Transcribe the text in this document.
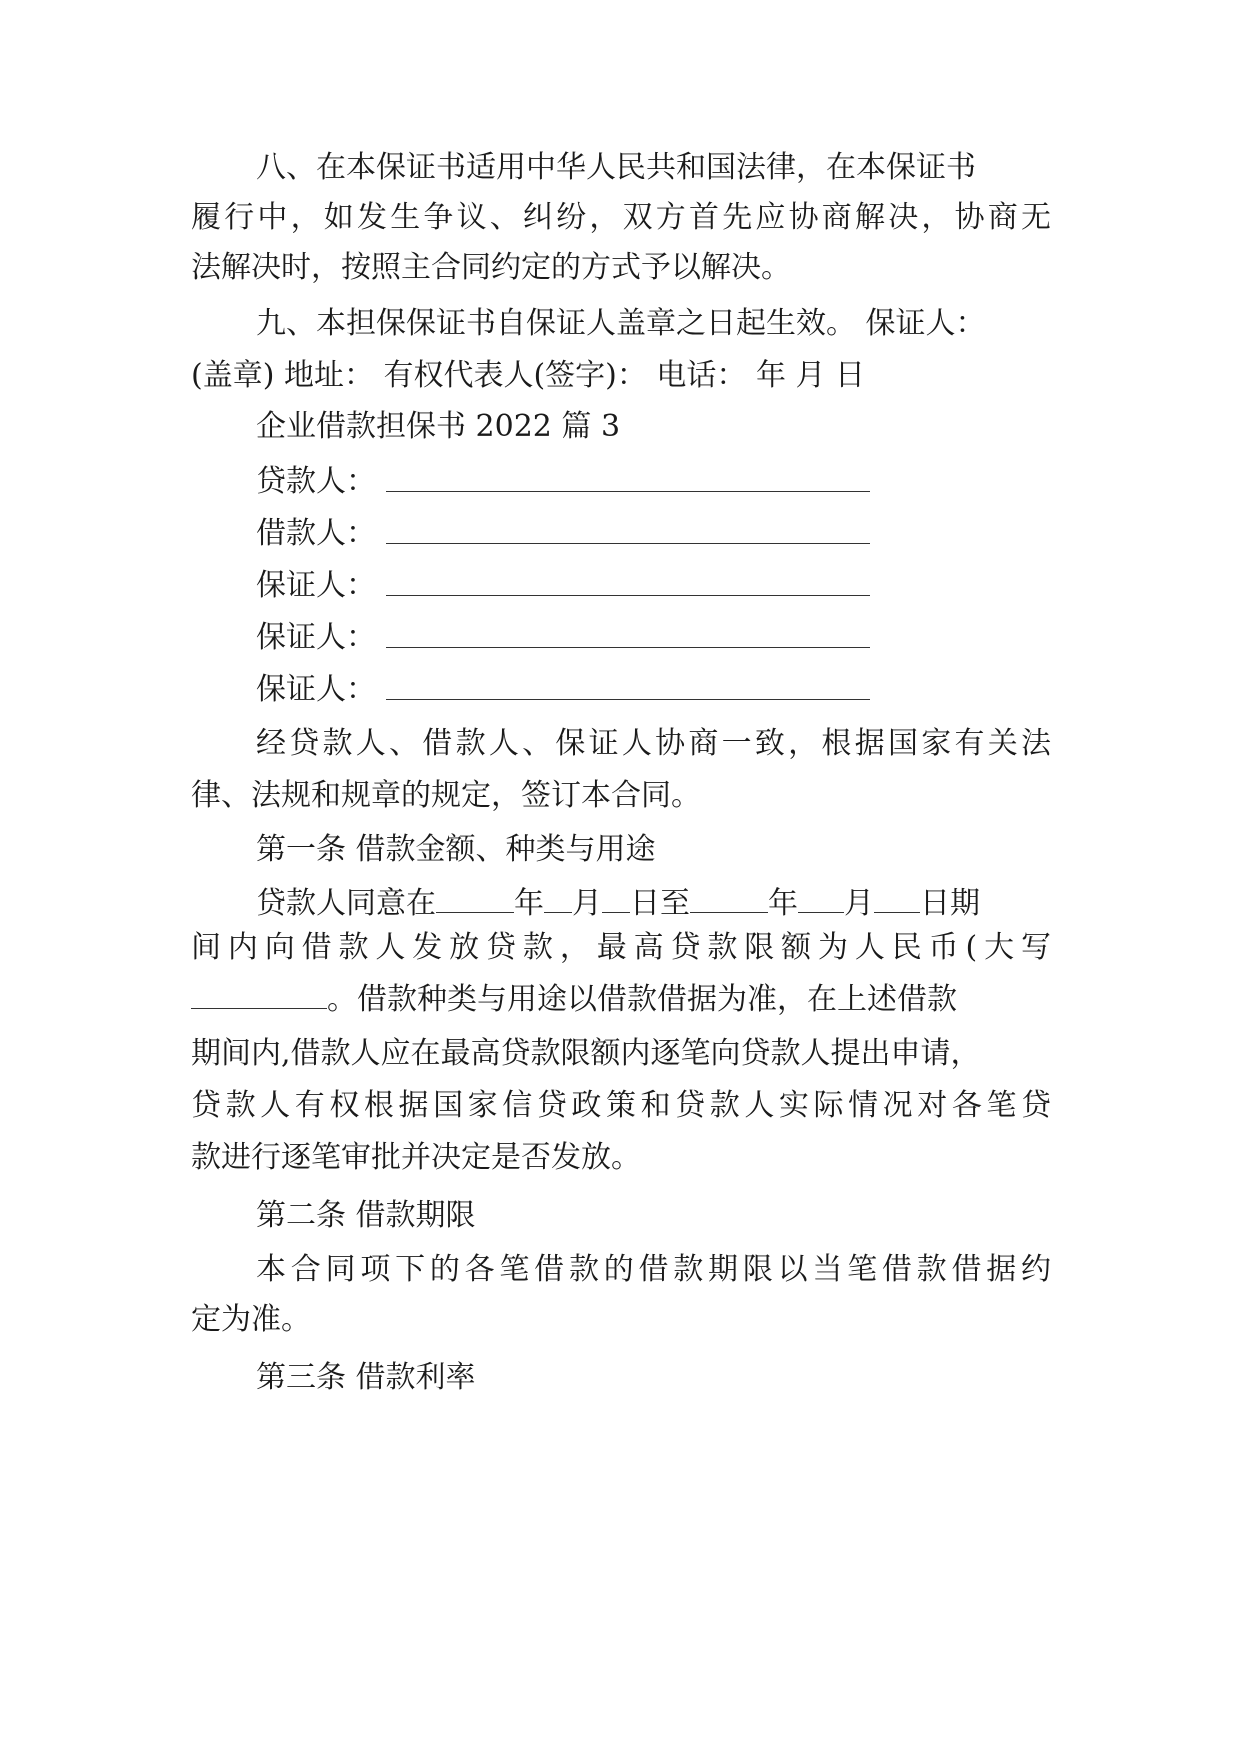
八、在本保证书适用中华人民共和国法律，在本保证书
履行中，如发生争议、纠纷，双方首先应协商解决，协商无
法解决时，按照主合同约定的方式予以解决。
九、本担保保证书自保证人盖章之日起生效。 保证人：
(盖章) 地址： 有权代表人(签字)： 电话： 年 月 日
企业借款担保书 2022 篇 3
贷款人：
借款人：
保证人：
保证人：
保证人：
经贷款人、借款人、保证人协商一致，根据国家有关法
律、法规和规章的规定，签订本合同。
第一条 借款金额、种类与用途
贷款人同意在	年 月 日至	年 月 日期
间内向借款人发放贷款，最高贷款限额为人民币(大写
。借款种类与用途以借款借据为准，在上述借款
期间内,借款人应在最高贷款限额内逐笔向贷款人提出申请，
贷款人有权根据国家信贷政策和贷款人实际情况对各笔贷
款进行逐笔审批并决定是否发放。
第二条 借款期限
本合同项下的各笔借款的借款期限以当笔借款借据约
定为准。
第三条 借款利率
